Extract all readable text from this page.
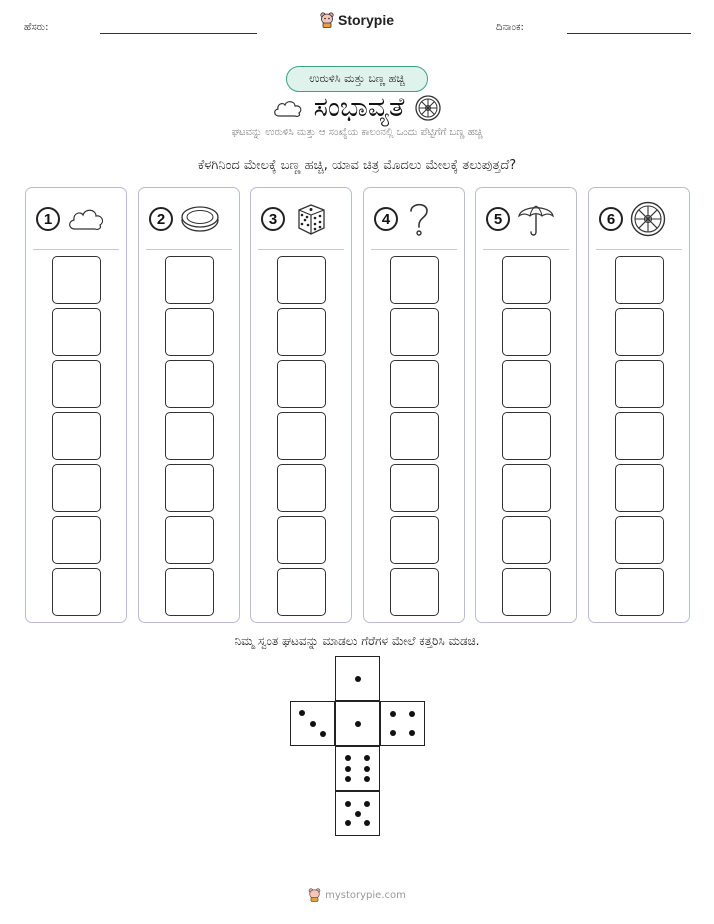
ಹೆಸರು:	Storypie	ದಿನಾಂಕ:
ಉರುಳಿಸಿ ಮತ್ತು ಬಣ್ಣ ಹಚ್ಚಿ
ಸಂಭಾವ್ಯತೆ
ಘಟವನ್ನು ಉರುಳಿಸಿ ಮತ್ತು ಆ ಸಂಖ್ಯೆಯ ಕಾಲಂನಲ್ಲಿ ಒಂದು ಪೆಟ್ಟಿಗೆಗೆ ಬಣ್ಣ ಹಚ್ಚಿ
ಕೆಳಗಿನಿಂದ ಮೇಲಕ್ಕೆ ಬಣ್ಣ ಹಚ್ಚಿ, ಯಾವ ಚಿತ್ರ ಮೊದಲು ಮೇಲಕ್ಕೆ ತಲುಪುತ್ತದೆ?
1	2	3	4	5	6
ನಿಮ್ಮ ಸ್ವಂತ ಘಟವನ್ನು ಮಾಡಲು ಗೆರೆಗಳ ಮೇಲೆ ಕತ್ತರಿಸಿ ಮಡಚಿ.
mystorypie.com
